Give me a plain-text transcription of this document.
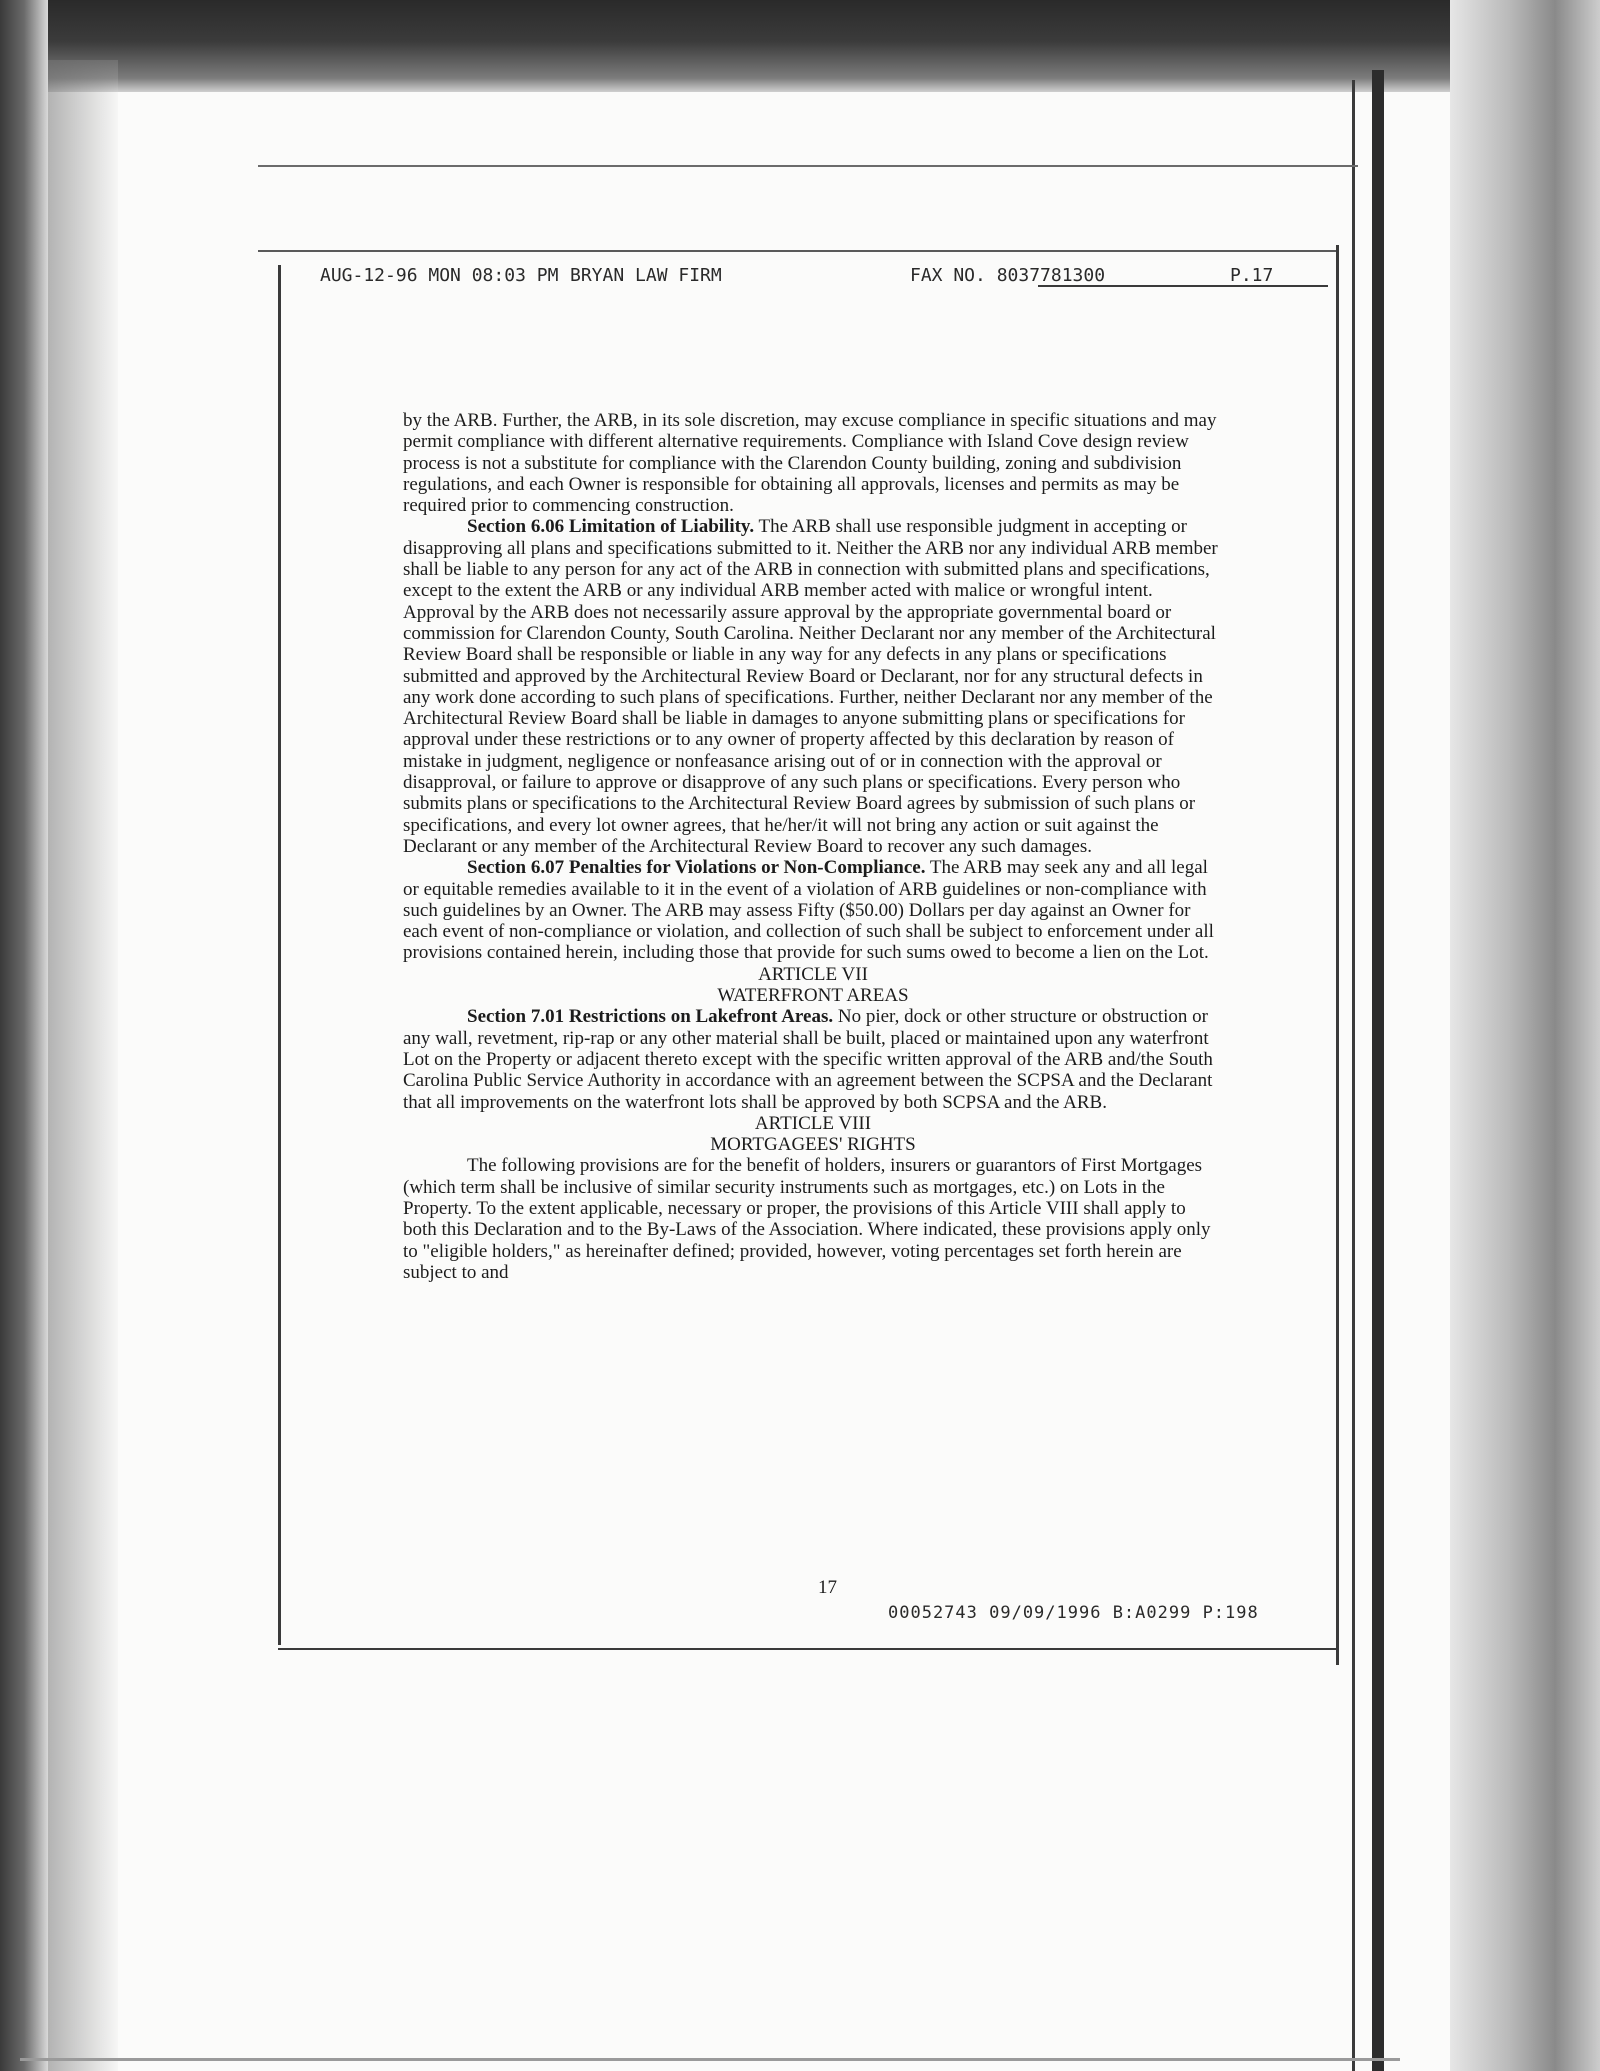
AUG-12-96 MON 08:03 PM BRYAN LAW FIRM	FAX NO. 8037781300	P.17

by the ARB. Further, the ARB, in its sole discretion, may excuse compliance in specific situations and may permit compliance with different alternative requirements. Compliance with Island Cove design review process is not a substitute for compliance with the Clarendon County building, zoning and subdivision regulations, and each Owner is responsible for obtaining all approvals, licenses and permits as may be required prior to commencing construction.

Section 6.06 Limitation of Liability. The ARB shall use responsible judgment in accepting or disapproving all plans and specifications submitted to it. Neither the ARB nor any individual ARB member shall be liable to any person for any act of the ARB in connection with submitted plans and specifications, except to the extent the ARB or any individual ARB member acted with malice or wrongful intent. Approval by the ARB does not necessarily assure approval by the appropriate governmental board or commission for Clarendon County, South Carolina. Neither Declarant nor any member of the Architectural Review Board shall be responsible or liable in any way for any defects in any plans or specifications submitted and approved by the Architectural Review Board or Declarant, nor for any structural defects in any work done according to such plans of specifications. Further, neither Declarant nor any member of the Architectural Review Board shall be liable in damages to anyone submitting plans or specifications for approval under these restrictions or to any owner of property affected by this declaration by reason of mistake in judgment, negligence or nonfeasance arising out of or in connection with the approval or disapproval, or failure to approve or disapprove of any such plans or specifications. Every person who submits plans or specifications to the Architectural Review Board agrees by submission of such plans or specifications, and every lot owner agrees, that he/her/it will not bring any action or suit against the Declarant or any member of the Architectural Review Board to recover any such damages.

Section 6.07 Penalties for Violations or Non-Compliance. The ARB may seek any and all legal or equitable remedies available to it in the event of a violation of ARB guidelines or non-compliance with such guidelines by an Owner. The ARB may assess Fifty ($50.00) Dollars per day against an Owner for each event of non-compliance or violation, and collection of such shall be subject to enforcement under all provisions contained herein, including those that provide for such sums owed to become a lien on the Lot.

ARTICLE VII

WATERFRONT AREAS

Section 7.01 Restrictions on Lakefront Areas. No pier, dock or other structure or obstruction or any wall, revetment, rip-rap or any other material shall be built, placed or maintained upon any waterfront Lot on the Property or adjacent thereto except with the specific written approval of the ARB and/the South Carolina Public Service Authority in accordance with an agreement between the SCPSA and the Declarant that all improvements on the waterfront lots shall be approved by both SCPSA and the ARB.

ARTICLE VIII

MORTGAGEES' RIGHTS

The following provisions are for the benefit of holders, insurers or guarantors of First Mortgages (which term shall be inclusive of similar security instruments such as mortgages, etc.) on Lots in the Property. To the extent applicable, necessary or proper, the provisions of this Article VIII shall apply to both this Declaration and to the By-Laws of the Association. Where indicated, these provisions apply only to "eligible holders," as hereinafter defined; provided, however, voting percentages set forth herein are subject to and

17
00052743 09/09/1996 B:A0299 P:198
